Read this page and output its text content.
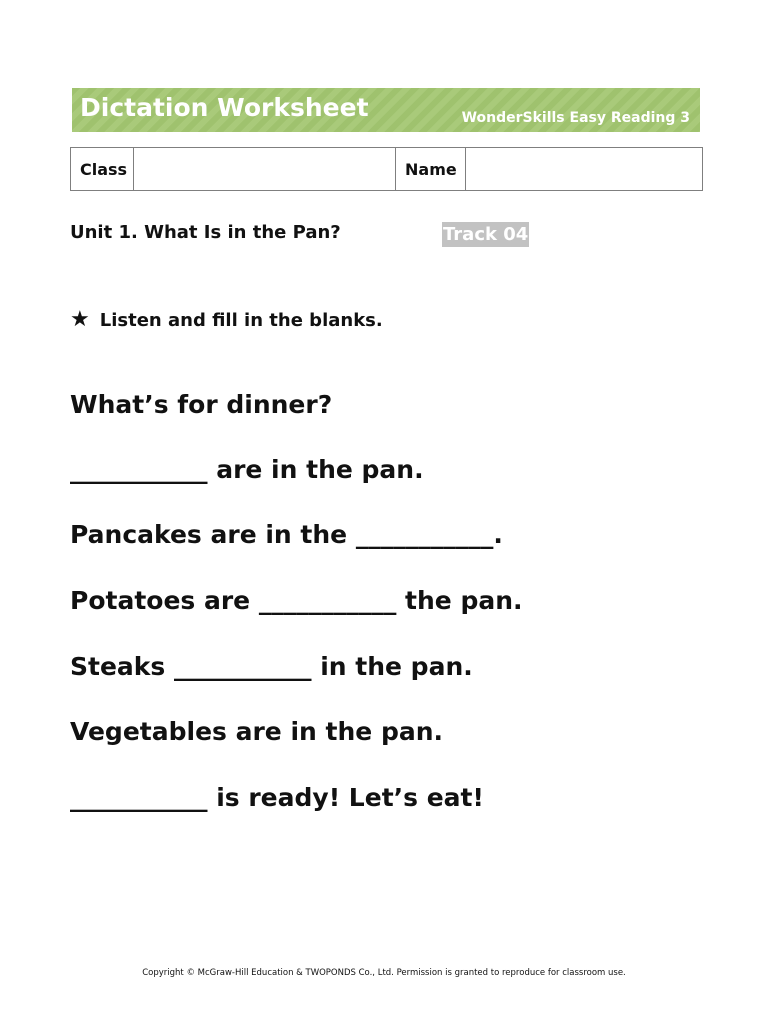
Dictation Worksheet	WonderSkills Easy Reading 3
Class		Name	
Unit 1. What Is in the Pan?	Track 04
★ Listen and fill in the blanks.
What’s for dinner?
___________ are in the pan.
Pancakes are in the ___________.
Potatoes are ___________ the pan.
Steaks ___________ in the pan.
Vegetables are in the pan.
___________ is ready! Let’s eat!
Copyright © McGraw-Hill Education & TWOPONDS Co., Ltd. Permission is granted to reproduce for classroom use.
